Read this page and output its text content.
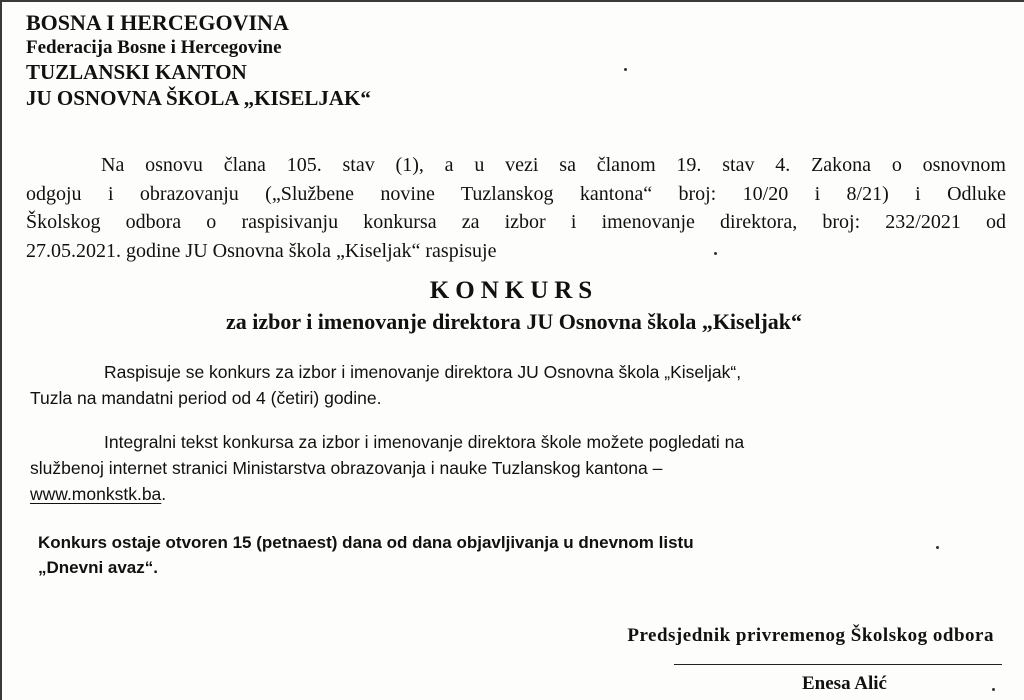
BOSNA I HERCEGOVINA
Federacija Bosne i Hercegovine
TUZLANSKI KANTON
JU OSNOVNA ŠKOLA „KISELJAK“
Na osnovu člana 105. stav (1), a u vezi sa članom 19. stav 4. Zakona o osnovnom
odgoju i obrazovanju („Službene novine Tuzlanskog kantona“ broj: 10/20 i 8/21) i Odluke
Školskog odbora o raspisivanju konkursa za izbor i imenovanje direktora, broj: 232/2021 od
27.05.2021. godine JU Osnovna škola „Kiseljak“ raspisuje
KONKURS
za izbor i imenovanje direktora JU Osnovna škola „Kiseljak“
Raspisuje se konkurs za izbor i imenovanje direktora JU Osnovna škola „Kiseljak“,
Tuzla na mandatni period od 4 (četiri) godine.
Integralni tekst konkursa za izbor i imenovanje direktora škole možete pogledati na
službenoj internet stranici Ministarstva obrazovanja i nauke Tuzlanskog kantona –
www.monkstk.ba.
Konkurs ostaje otvoren 15 (petnaest) dana od dana objavljivanja u dnevnom listu
„Dnevni avaz“.
Predsjednik privremenog Školskog odbora
Enesa Alić
